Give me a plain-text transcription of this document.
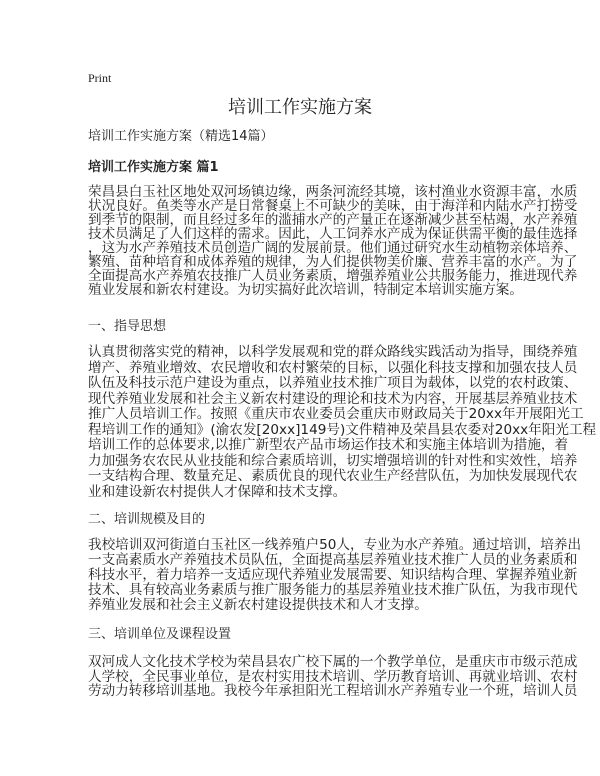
Print
培训工作实施方案
培训工作实施方案（精选14篇）
培训工作实施方案 篇1
荣昌县白玉社区地处双河场镇边缘，两条河流经其境，该村渔业水资源丰富，水质
状况良好。鱼类等水产是日常餐桌上不可缺少的美味，由于海洋和内陆水产打捞受
到季节的限制，而且经过多年的滥捕水产的产量正在逐渐减少甚至枯竭，水产养殖
技术员满足了人们这样的需求。因此，人工饲养水产成为保证供需平衡的最佳选择
，这为水产养殖技术员创造广阔的发展前景。他们通过研究水生动植物亲体培养、
繁殖、苗种培育和成体养殖的规律，为人们提供物美价廉、营养丰富的水产。为了
全面提高水产养殖农技推广人员业务素质，增强养殖业公共服务能力，推进现代养
殖业发展和新农村建设。为切实搞好此次培训，特制定本培训实施方案。
一、指导思想
认真贯彻落实党的精神，以科学发展观和党的群众路线实践活动为指导，围绕养殖
增产、养殖业增效、农民增收和农村繁荣的目标，以强化科技支撑和加强农技人员
队伍及科技示范户建设为重点，以养殖业技术推广项目为载体，以党的农村政策、
现代养殖业发展和社会主义新农村建设的理论和技术为内容，开展基层养殖业技术
推广人员培训工作。按照《重庆市农业委员会重庆市财政局关于20xx年开展阳光工
程培训工作的通知》(渝农发[20xx]149号)文件精神及荣昌县农委对20xx年阳光工程
培训工作的总体要求,以推广新型农产品市场运作技术和实施主体培训为措施，着
力加强务农农民从业技能和综合素质培训，切实增强培训的针对性和实效性，培养
一支结构合理、数量充足、素质优良的现代农业生产经营队伍，为加快发展现代农
业和建设新农村提供人才保障和技术支撑。
二、培训规模及目的
我校培训双河街道白玉社区一线养殖户50人，专业为水产养殖。通过培训，培养出
一支高素质水产养殖技术员队伍，全面提高基层养殖业技术推广人员的业务素质和
科技水平，着力培养一支适应现代养殖业发展需要、知识结构合理、掌握养殖业新
技术、具有较高业务素质与推广服务能力的基层养殖业技术推广队伍，为我市现代
养殖业发展和社会主义新农村建设提供技术和人才支撑。
三、培训单位及课程设置
双河成人文化技术学校为荣昌县农广校下属的一个教学单位，是重庆市市级示范成
人学校，全民事业单位，是农村实用技术培训、学历教育培训、再就业培训、农村
劳动力转移培训基地。我校今年承担阳光工程培训水产养殖专业一个班，培训人员
